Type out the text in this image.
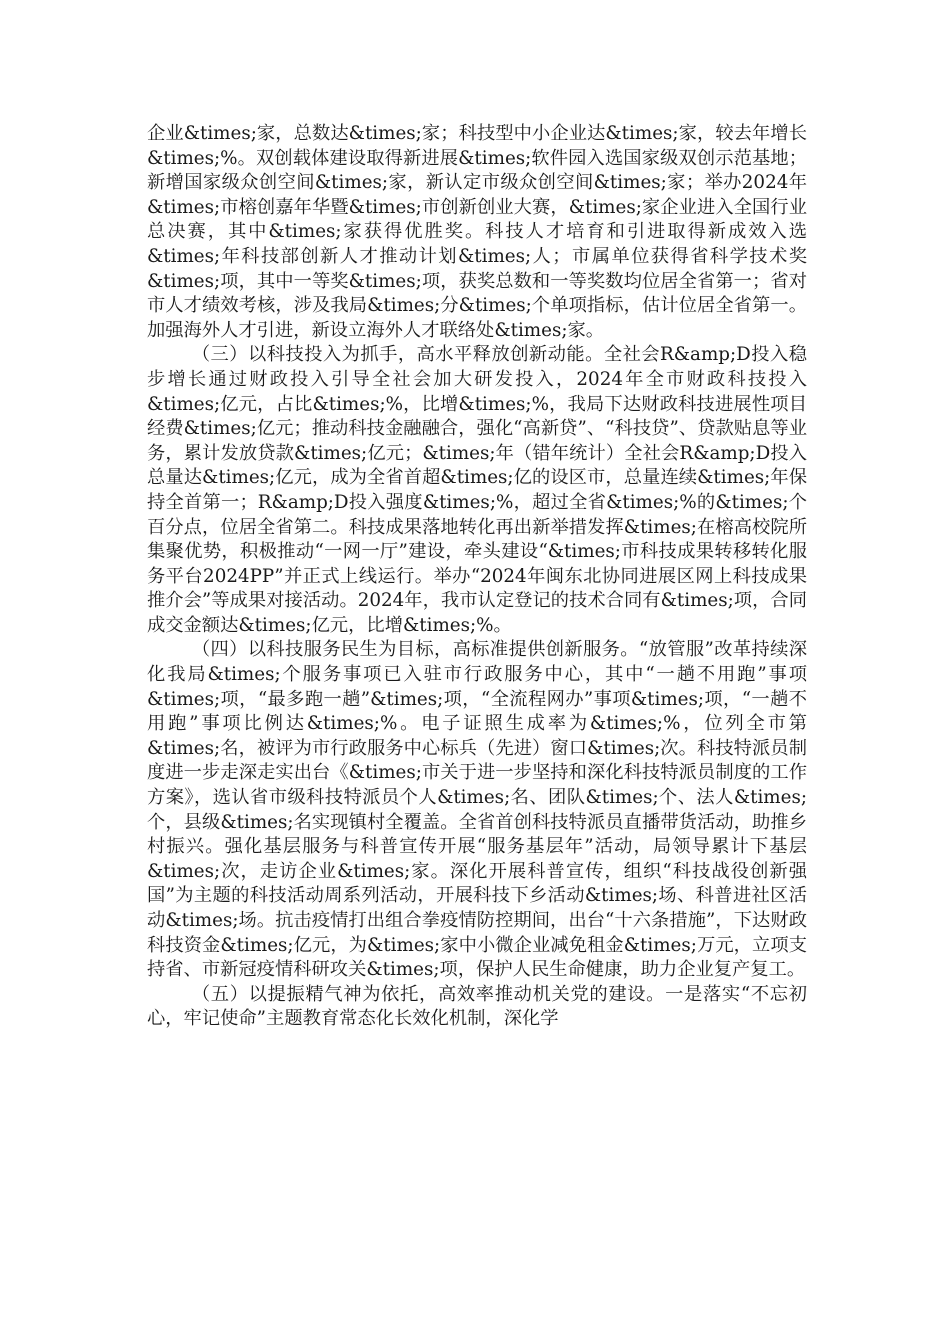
企业&times;家，总数达&times;家；科技型中小企业达&times;家，较去年增长&times;%。双创载体建设取得新进展&times;软件园入选国家级双创示范基地；新增国家级众创空间&times;家，新认定市级众创空间&times;家；举办2024年&times;市榕创嘉年华暨&times;市创新创业大赛，&times;家企业进入全国行业总决赛，其中&times;家获得优胜奖。科技人才培育和引进取得新成效入选&times;年科技部创新人才推动计划&times;人；市属单位获得省科学技术奖&times;项，其中一等奖&times;项，获奖总数和一等奖数均位居全省第一；省对市人才绩效考核，涉及我局&times;分&times;个单项指标，估计位居全省第一。加强海外人才引进，新设立海外人才联络处&times;家。

（三）以科技投入为抓手，高水平释放创新动能。全社会R&amp;D投入稳步增长通过财政投入引导全社会加大研发投入，2024年全市财政科技投入&times;亿元，占比&times;%，比增&times;%，我局下达财政科技进展性项目经费&times;亿元；推动科技金融融合，强化“高新贷”、“科技贷”、贷款贴息等业务，累计发放贷款&times;亿元；&times;年（错年统计）全社会R&amp;D投入总量达&times;亿元，成为全省首超&times;亿的设区市，总量连续&times;年保持全首第一；R&amp;D投入强度&times;%，超过全省&times;%的&times;个百分点，位居全省第二。科技成果落地转化再出新举措发挥&times;在榕高校院所集聚优势，积极推动“一网一厅”建设，牵头建设“&times;市科技成果转移转化服务平台2024PP”并正式上线运行。举办“2024年闽东北协同进展区网上科技成果推介会”等成果对接活动。2024年，我市认定登记的技术合同有&times;项，合同成交金额达&times;亿元，比增&times;%。

（四）以科技服务民生为目标，高标准提供创新服务。“放管服”改革持续深化我局&times;个服务事项已入驻市行政服务中心，其中“一趟不用跑”事项&times;项，“最多跑一趟”&times;项，“全流程网办”事项&times;项，“一趟不用跑”事项比例达&times;%。电子证照生成率为&times;%，位列全市第&times;名，被评为市行政服务中心标兵（先进）窗口&times;次。科技特派员制度进一步走深走实出台《&times;市关于进一步坚持和深化科技特派员制度的工作方案》，选认省市级科技特派员个人&times;名、团队&times;个、法人&times;个，县级&times;名实现镇村全覆盖。全省首创科技特派员直播带货活动，助推乡村振兴。强化基层服务与科普宣传开展“服务基层年”活动，局领导累计下基层&times;次，走访企业&times;家。深化开展科普宣传，组织“科技战役创新强国”为主题的科技活动周系列活动，开展科技下乡活动&times;场、科普进社区活动&times;场。抗击疫情打出组合拳疫情防控期间，出台“十六条措施”，下达财政科技资金&times;亿元，为&times;家中小微企业减免租金&times;万元，立项支持省、市新冠疫情科研攻关&times;项，保护人民生命健康，助力企业复产复工。

（五）以提振精气神为依托，高效率推动机关党的建设。一是落实“不忘初心，牢记使命”主题教育常态化长效化机制，深化学
